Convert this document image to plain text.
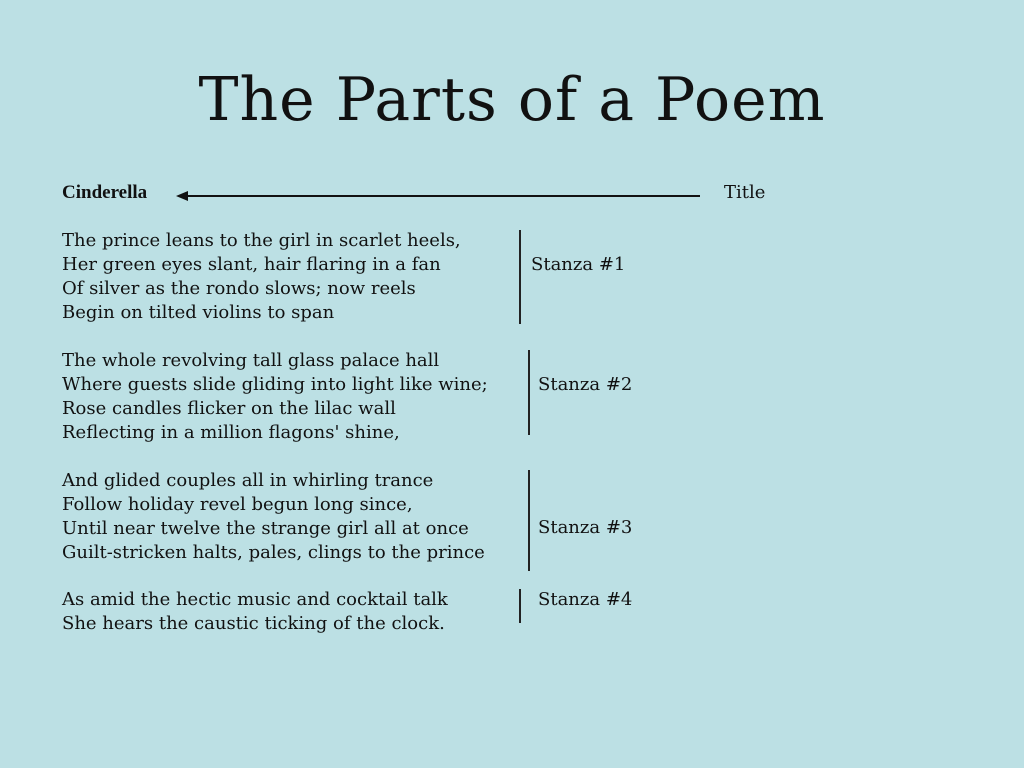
The Parts of a Poem
Cinderella	Title
The prince leans to the girl in scarlet heels,
Her green eyes slant, hair flaring in a fan
Of silver as the rondo slows; now reels
Begin on tilted violins to span
Stanza #1
The whole revolving tall glass palace hall
Where guests slide gliding into light like wine;
Rose candles flicker on the lilac wall
Reflecting in a million flagons' shine,
Stanza #2
And glided couples all in whirling trance
Follow holiday revel begun long since,
Until near twelve the strange girl all at once
Guilt-stricken halts, pales, clings to the prince
Stanza #3
As amid the hectic music and cocktail talk
She hears the caustic ticking of the clock.
Stanza #4
